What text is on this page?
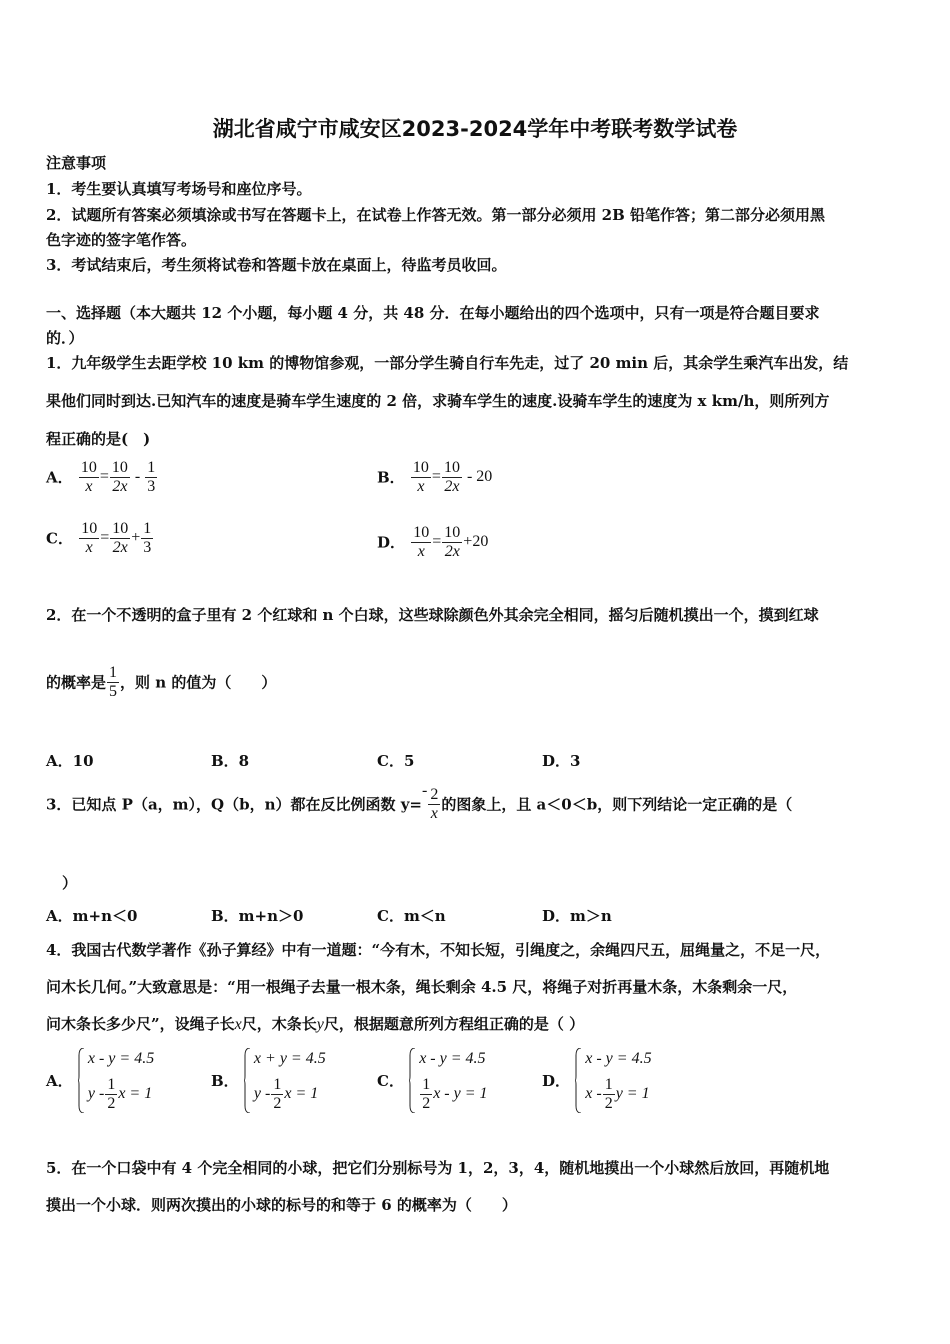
湖北省咸宁市咸安区2023-2024学年中考联考数学试卷
注意事项
1．考生要认真填写考场号和座位序号。
2．试题所有答案必须填涂或书写在答题卡上，在试卷上作答无效。第一部分必须用 2B 铅笔作答；第二部分必须用黑
色字迹的签字笔作答。
3．考试结束后，考生须将试卷和答题卡放在桌面上，待监考员收回。
一、选择题（本大题共 12 个小题，每小题 4 分，共 48 分．在每小题给出的四个选项中，只有一项是符合题目要求
的．）
1．九年级学生去距学校 10 km 的博物馆参观，一部分学生骑自行车先走，过了 20 min 后，其余学生乘汽车出发，结
果他们同时到达.已知汽车的速度是骑车学生速度的 2 倍，求骑车学生的速度.设骑车学生的速度为 x km/h，则所列方
程正确的是(　)
A． $\frac{10}{x} = \frac{10}{2x} - \frac{1}{3}$	B． $\frac{10}{x} = \frac{10}{2x} - 20$
C． $\frac{10}{x} = \frac{10}{2x} + \frac{1}{3}$	D． $\frac{10}{x} = \frac{10}{2x} +20$
2．在一个不透明的盒子里有 2 个红球和 n 个白球，这些球除颜色外其余完全相同，摇匀后随机摸出一个，摸到红球
的概率是 $\frac{1}{5}$ ，则 n 的值为（　　）
A．10	B．8	C．5	D．3
3．已知点 P（a，m），Q（b，n）都在反比例函数 $y=- \frac{2}{x}$ 的图象上，且 a＜0＜b，则下列结论一定正确的是（
）
A．m+n＜0	B．m+n＞0	C．m＜n	D．m＞n
4．我国古代数学著作《孙子算经》中有一道题：“今有木，不知长短，引绳度之，余绳四尺五，屈绳量之，不足一尺，
问木长几何。”大致意思是：“用一根绳子去量一根木条，绳长剩余 4.5 尺，将绳子对折再量木条，木条剩余一尺，
问木条长多少尺”，设绳子长x尺，木条长y尺，根据题意所列方程组正确的是（ ）
A．
x - y = 4.5
y - $\frac{1}{2}$ x = 1
B．
x + y = 4.5
y - $\frac{1}{2}$ x = 1
C．
x - y = 4.5
$\frac{1}{2}$ x - y = 1
D．
x - y = 4.5
x - $\frac{1}{2}$ y = 1
5．在一个口袋中有 4 个完全相同的小球，把它们分别标号为 1，2，3，4，随机地摸出一个小球然后放回，再随机地
摸出一个小球．则两次摸出的小球的标号的和等于 6 的概率为（　　）
